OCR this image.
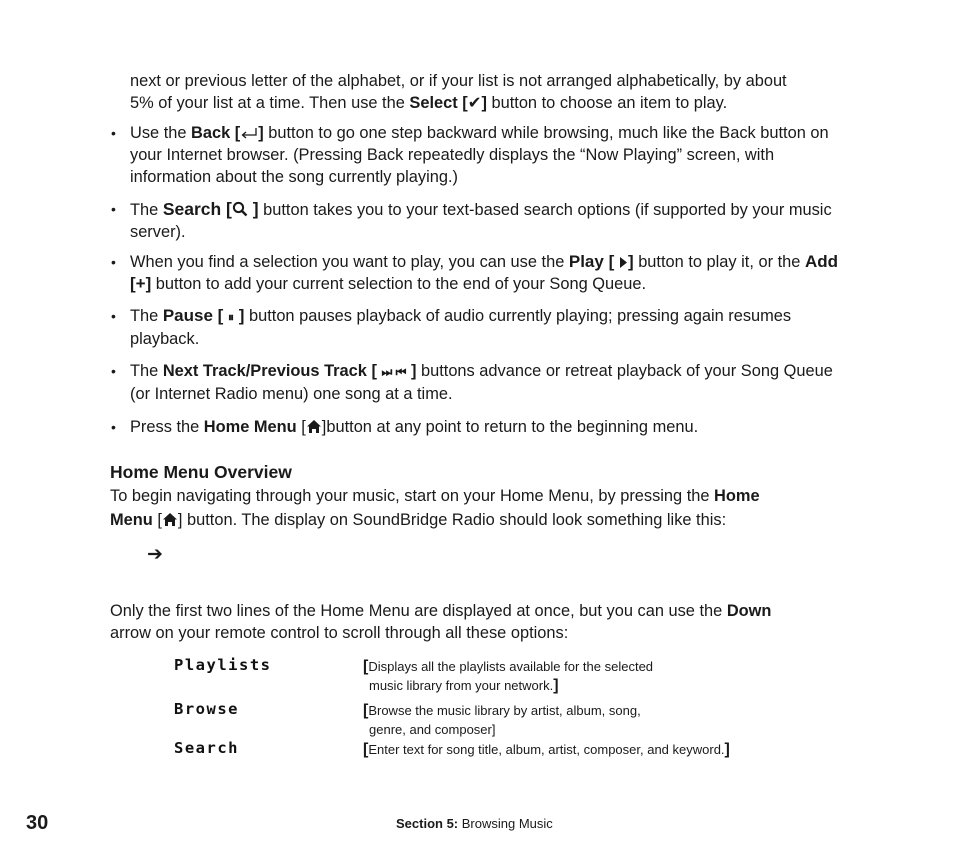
next or previous letter of the alphabet, or if your list is not arranged alphabetically, by about
5% of your list at a time. Then use the Select [✔] button to choose an item to play.
• Use the Back [ ] button to go one step backward while browsing, much like the Back button on your Internet browser. (Pressing Back repeatedly displays the “Now Playing” screen, with information about the song currently playing.)
• The Search [ ] button takes you to your text-based search options (if supported by your music server).
• When you find a selection you want to play, you can use the Play [ ] button to play it, or the Add [+] button to add your current selection to the end of your Song Queue.
• The Pause [ ⏸ ] button pauses playback of audio currently playing; pressing again resumes playback.
• The Next Track/Previous Track [ ⏭ ⏮ ] buttons advance or retreat playback of your Song Queue (or Internet Radio menu) one song at a time.
• Press the Home Menu [ ]button at any point to return to the beginning menu.
Home Menu Overview
To begin navigating through your music, start on your Home Menu, by pressing the Home
Menu [ ] button. The display on SoundBridge Radio should look something like this:
➔
Only the first two lines of the Home Menu are displayed at once, but you can use the Down
arrow on your remote control to scroll through all these options:
Playlists	[Displays all the playlists available for the selected
music library from your network.]
Browse	[Browse the music library by artist, album, song,
genre, and composer]
Search	[Enter text for song title, album, artist, composer, and keyword.]
30	Section 5: Browsing Music
